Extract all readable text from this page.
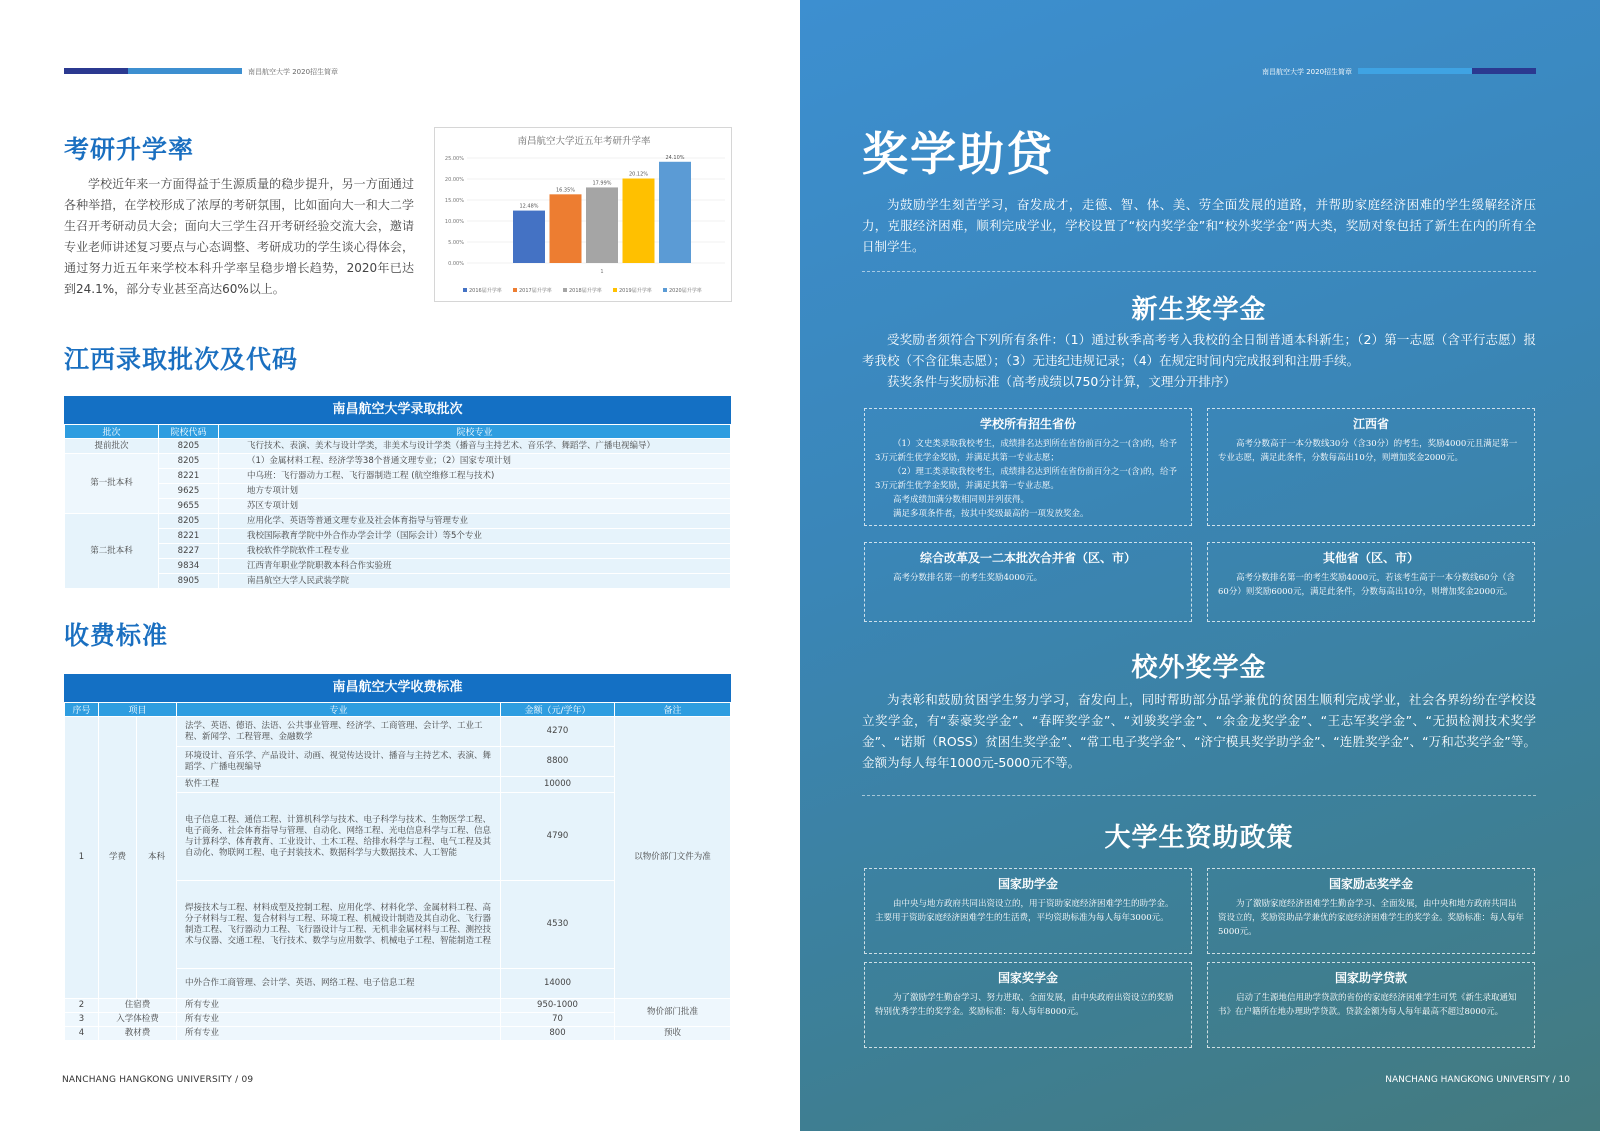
南昌航空大学 2020招生简章
考研升学率
学校近年来一方面得益于生源质量的稳步提升，另一方面通过各种举措，在学校形成了浓厚的考研氛围，比如面向大一和大二学生召开考研动员大会；面向大三学生召开考研经验交流大会，邀请专业老师讲述复习要点与心态调整、考研成功的学生谈心得体会，通过努力近五年来学校本科升学率呈稳步增长趋势，2020年已达到24.1%，部分专业甚至高达60%以上。
南昌航空大学近五年考研升学率
0.00%
5.00%
10.00%
15.00%
20.00%
25.00%
12.48%
16.35%
17.99%
20.12%
24.10%
1
2016届升学率	2017届升学率	2018届升学率	2019届升学率	2020届升学率
江西录取批次及代码
南昌航空大学录取批次
批次	院校代码	院校专业
提前批次	8205	飞行技术、表演、美术与设计学类，非美术与设计学类（播音与主持艺术、音乐学、舞蹈学、广播电视编导）
第一批本科	8205	（1）金属材料工程、经济学等38个普通文理专业；（2）国家专项计划
	8221	中乌班：飞行器动力工程、飞行器制造工程 (航空维修工程与技术)
	9625	地方专项计划
	9655	苏区专项计划
第二批本科	8205	应用化学、英语等普通文理专业及社会体育指导与管理专业
	8221	我校国际教育学院中外合作办学会计学（国际会计）等5个专业
	8227	我校软件学院软件工程专业
	9834	江西青年职业学院职教本科合作实验班
	8905	南昌航空大学人民武装学院
收费标准
南昌航空大学收费标准
序号	项目		专业	金额（元/学年）	备注
1	学费	本科	法学、英语、德语、法语、公共事业管理、经济学、工商管理、会计学、工业工程、新闻学、工程管理、金融数学	4270	以物价部门文件为准
			环境设计、音乐学、产品设计、动画、视觉传达设计、播音与主持艺术、表演、舞蹈学、广播电视编导	8800	
			软件工程	10000	
			电子信息工程、通信工程、计算机科学与技术、电子科学与技术、生物医学工程、电子商务、社会体育指导与管理、自动化、网络工程、光电信息科学与工程、信息与计算科学、体育教育、工业设计、土木工程、给排水科学与工程、电气工程及其自动化、物联网工程、电子封装技术、数据科学与大数据技术、人工智能	4790	
			焊接技术与工程、材料成型及控制工程、应用化学、材料化学、金属材料工程、高分子材料与工程、复合材料与工程、环境工程、机械设计制造及其自动化、飞行器制造工程、飞行器动力工程、飞行器设计与工程、无机非金属材料与工程、测控技术与仪器、交通工程、飞行技术、数学与应用数学、机械电子工程、智能制造工程	4530	
			中外合作工商管理、会计学、英语、网络工程、电子信息工程	14000	
2	住宿费		所有专业	950-1000	物价部门批准
3	入学体检费		所有专业	70	
4	教材费		所有专业	800	预收
NANCHANG HANGKONG UNIVERSITY / 09
南昌航空大学 2020招生简章
奖学助贷
为鼓励学生刻苦学习，奋发成才，走德、智、体、美、劳全面发展的道路，并帮助家庭经济困难的学生缓解经济压力，克服经济困难，顺利完成学业，学校设置了“校内奖学金”和“校外奖学金”两大类，奖励对象包括了新生在内的所有全日制学生。
新生奖学金
受奖励者须符合下列所有条件：（1）通过秋季高考考入我校的全日制普通本科新生；（2）第一志愿（含平行志愿）报考我校（不含征集志愿）；（3）无违纪违规记录；（4）在规定时间内完成报到和注册手续。
获奖条件与奖励标准（高考成绩以750分计算，文理分开排序）
学校所有招生省份

（1）文史类录取我校考生，成绩排名达到所在省份前百分之一(含)的，给予3万元新生优学金奖励，并满足其第一专业志愿；

（2）理工类录取我校考生，成绩排名达到所在省份前百分之一(含)的，给予3万元新生优学金奖励，并满足其第一专业志愿。

高考成绩加满分数相同则并列获得。

满足多项条件者，按其中奖级最高的一项发放奖金。

江西省

高考分数高于一本分数线30分（含30分）的考生，奖励4000元且满足第一专业志愿，满足此条件，分数每高出10分，则增加奖金2000元。

综合改革及一二本批次合并省（区、市）

高考分数排名第一的考生奖励4000元。

其他省（区、市）

高考分数排名第一的考生奖励4000元，若该考生高于一本分数线60分（含60分）则奖励6000元，满足此条件，分数每高出10分，则增加奖金2000元。

校外奖学金
为表彰和鼓励贫困学生努力学习，奋发向上，同时帮助部分品学兼优的贫困生顺利完成学业，社会各界纷纷在学校设立奖学金，有“泰豪奖学金”、“春晖奖学金”、“刘骏奖学金”、“余金龙奖学金”、“王志军奖学金”、“无损检测技术奖学金”、“诺斯（ROSS）贫困生奖学金”、“常工电子奖学金”、“济宁模具奖学助学金”、“连胜奖学金”、“万和芯奖学金”等。金额为每人每年1000元-5000元不等。
大学生资助政策
国家助学金

由中央与地方政府共同出资设立的，用于资助家庭经济困难学生的助学金。主要用于资助家庭经济困难学生的生活费，平均资助标准为每人每年3000元。

国家励志奖学金

为了激励家庭经济困难学生勤奋学习、全面发展，由中央和地方政府共同出资设立的，奖励资助品学兼优的家庭经济困难学生的奖学金。奖励标准：每人每年5000元。

国家奖学金

为了激励学生勤奋学习、努力进取、全面发展，由中央政府出资设立的奖励特别优秀学生的奖学金。奖励标准：每人每年8000元。

国家助学贷款

启动了生源地信用助学贷款的省份的家庭经济困难学生可凭《新生录取通知书》在户籍所在地办理助学贷款。贷款金额为每人每年最高不超过8000元。

NANCHANG HANGKONG UNIVERSITY / 10
